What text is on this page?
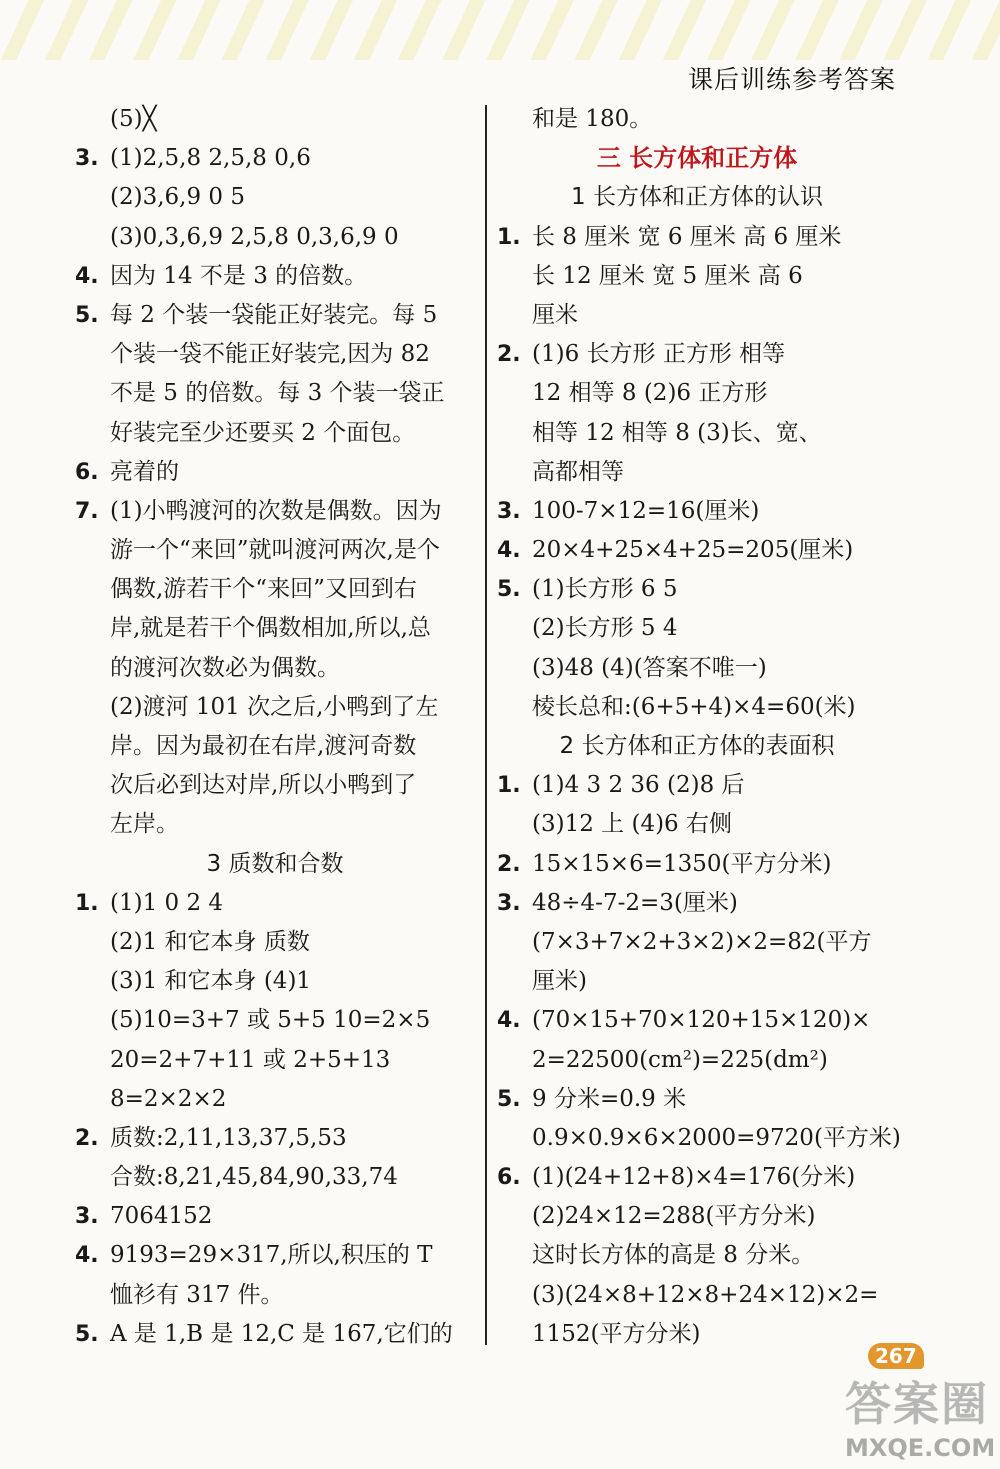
课后训练参考答案
(5)╳
3. (1)2,5,8 2,5,8 0,6
(2)3,6,9 0 5
(3)0,3,6,9 2,5,8 0,3,6,9 0
4. 因为 14 不是 3 的倍数。
5. 每 2 个装一袋能正好装完。每 5
个装一袋不能正好装完,因为 82
不是 5 的倍数。每 3 个装一袋正
好装完至少还要买 2 个面包。
6. 亮着的
7. (1)小鸭渡河的次数是偶数。因为
游一个“来回”就叫渡河两次,是个
偶数,游若干个“来回”又回到右
岸,就是若干个偶数相加,所以,总
的渡河次数必为偶数。
(2)渡河 101 次之后,小鸭到了左
岸。因为最初在右岸,渡河奇数
次后必到达对岸,所以小鸭到了
左岸。
3 质数和合数
1. (1)1 0 2 4
(2)1 和它本身 质数
(3)1 和它本身 (4)1
(5)10=3+7 或 5+5 10=2×5
20=2+7+11 或 2+5+13
8=2×2×2
2. 质数:2,11,13,37,5,53
合数:8,21,45,84,90,33,74
3. 7064152
4. 9193=29×317,所以,积压的 T
恤衫有 317 件。
5. A 是 1,B 是 12,C 是 167,它们的
和是 180。
三 长方体和正方体
1 长方体和正方体的认识
1. 长 8 厘米 宽 6 厘米 高 6 厘米
长 12 厘米 宽 5 厘米 高 6
厘米
2. (1)6 长方形 正方形 相等
12 相等 8 (2)6 正方形
相等 12 相等 8 (3)长、宽、
高都相等
3. 100-7×12=16(厘米)
4. 20×4+25×4+25=205(厘米)
5. (1)长方形 6 5
(2)长方形 5 4
(3)48 (4)(答案不唯一)
棱长总和:(6+5+4)×4=60(米)
2 长方体和正方体的表面积
1. (1)4 3 2 36 (2)8 后
(3)12 上 (4)6 右侧
2. 15×15×6=1350(平方分米)
3. 48÷4-7-2=3(厘米)
(7×3+7×2+3×2)×2=82(平方
厘米)
4. (70×15+70×120+15×120)×
2=22500(cm²)=225(dm²)
5. 9 分米=0.9 米
0.9×0.9×6×2000=9720(平方米)
6. (1)(24+12+8)×4=176(分米)
(2)24×12=288(平方分米)
这时长方体的高是 8 分米。
(3)(24×8+12×8+24×12)×2=
1152(平方分米)
267
答案圈
MXQE.COM
